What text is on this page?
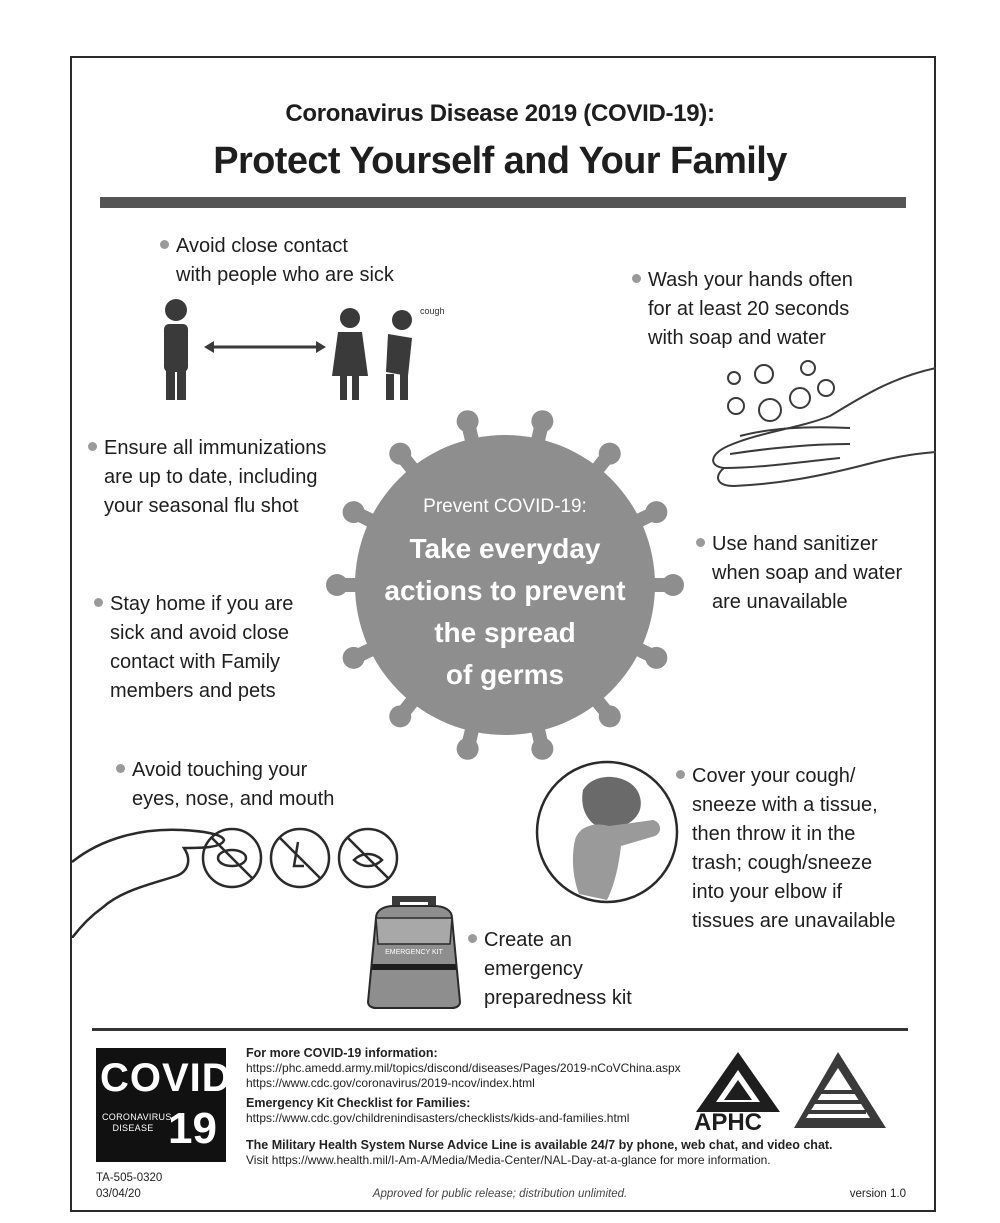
Coronavirus Disease 2019 (COVID-19):
Protect Yourself and Your Family
Prevent COVID-19:
Take everyday
actions to prevent
the spread
of germs
Avoid close contact
with people who are sick
cough
Wash your hands often
for at least 20 seconds
with soap and water
Ensure all immunizations
are up to date, including
your seasonal flu shot
Use hand sanitizer
when soap and water
are unavailable
Stay home if you are
sick and avoid close
contact with Family
members and pets
Avoid touching your
eyes, nose, and mouth
Cover your cough/
sneeze with a tissue,
then throw it in the
trash; cough/sneeze
into your elbow if
tissues are unavailable
EMERGENCY KIT
Create an
emergency
preparedness kit
COVID
CORONAVIRUS DISEASE 19
For more COVID-19 information:
https://phc.amedd.army.mil/topics/discond/diseases/Pages/2019-nCoVChina.aspx
https://www.cdc.gov/coronavirus/2019-ncov/index.html
Emergency Kit Checklist for Families:
https://www.cdc.gov/childrenindisasters/checklists/kids-and-families.html
The Military Health System Nurse Advice Line is available 24/7 by phone, web chat, and video chat.
Visit https://www.health.mil/I-Am-A/Media/Media-Center/NAL-Day-at-a-glance for more information.
APHC
TA-505-0320
03/04/20	Approved for public release; distribution unlimited.	version 1.0
